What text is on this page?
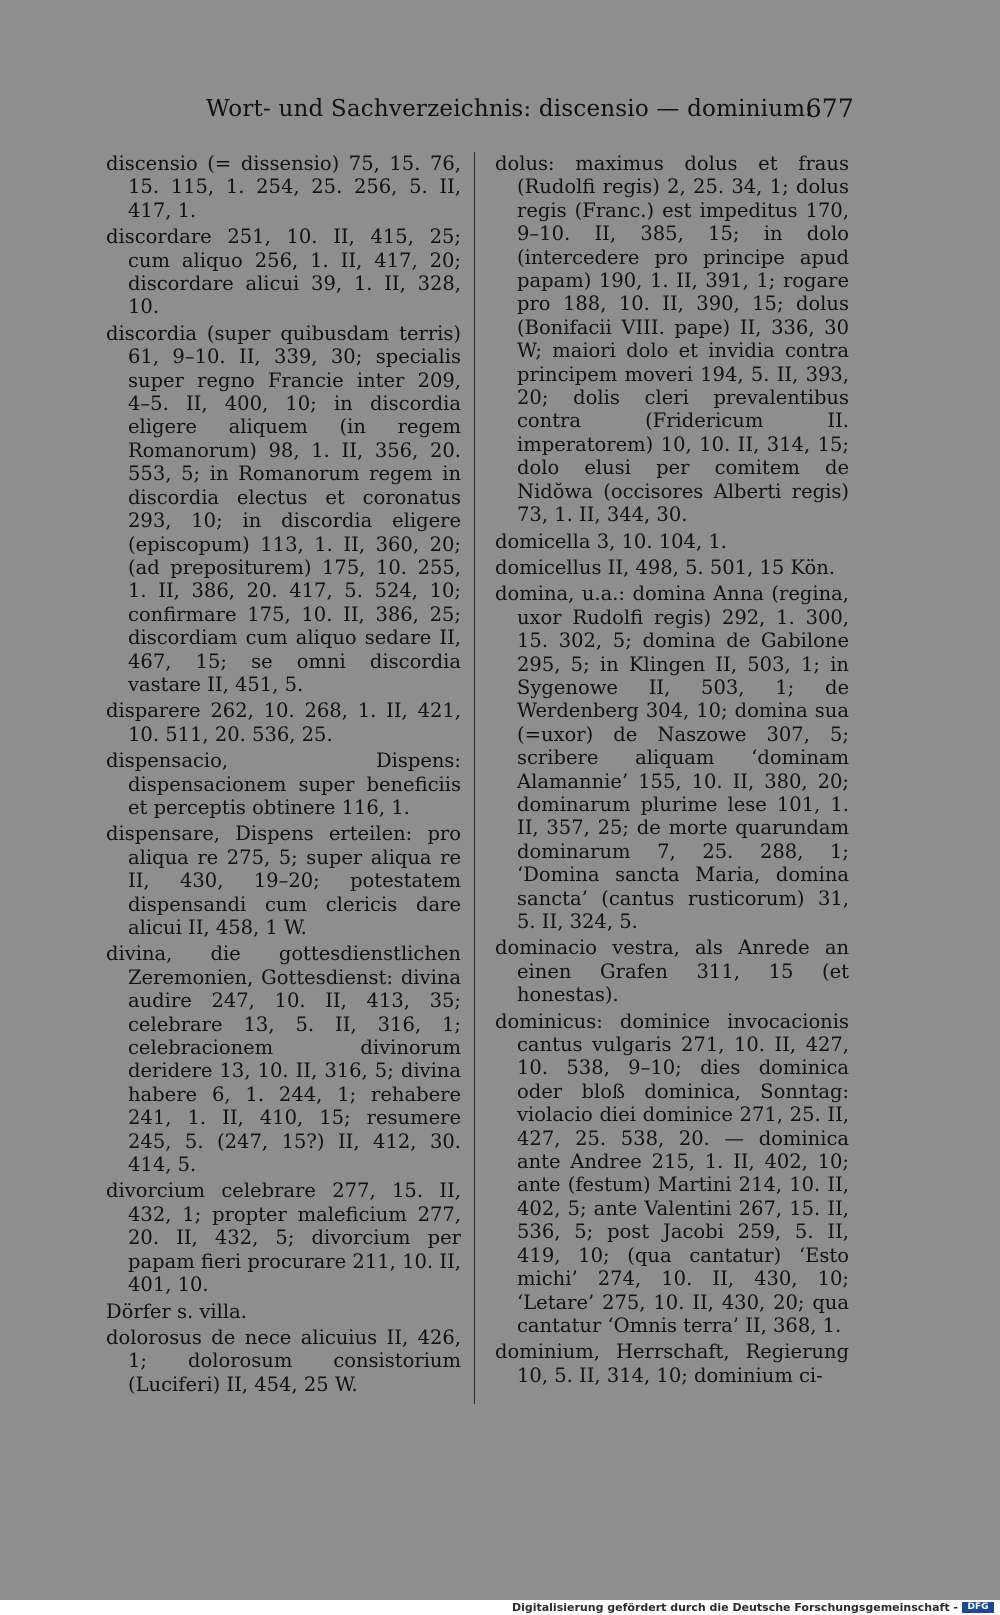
Wort- und Sachverzeichnis: discensio — dominium.
677

discensio (= dissensio) 75, 15. 76, 15. 115, 1. 254, 25. 256, 5. II, 417, 1.

discordare 251, 10. II, 415, 25; cum aliquo 256, 1. II, 417, 20; discordare alicui 39, 1. II, 328, 10.

discordia (super quibusdam terris) 61, 9–10. II, 339, 30; specialis super regno Francie inter 209, 4–5. II, 400, 10; in discordia eligere aliquem (in regem Romanorum) 98, 1. II, 356, 20. 553, 5; in Romanorum regem in discordia electus et coronatus 293, 10; in discordia eligere (episcopum) 113, 1. II, 360, 20; (ad prepositurem) 175, 10. 255, 1. II, 386, 20. 417, 5. 524, 10; confirmare 175, 10. II, 386, 25; discordiam cum aliquo sedare II, 467, 15; se omni discordia vastare II, 451, 5.

disparere 262, 10. 268, 1. II, 421, 10. 511, 20. 536, 25.

dispensacio, Dispens: dispensacionem super beneficiis et perceptis obtinere 116, 1.

dispensare, Dispens erteilen: pro aliqua re 275, 5; super aliqua re II, 430, 19–20; potestatem dispensandi cum clericis dare alicui II, 458, 1 W.

divina, die gottesdienstlichen Zeremonien, Gottesdienst: divina audire 247, 10. II, 413, 35; celebrare 13, 5. II, 316, 1; celebracionem divinorum deridere 13, 10. II, 316, 5; divina habere 6, 1. 244, 1; rehabere 241, 1. II, 410, 15; resumere 245, 5. (247, 15?) II, 412, 30. 414, 5.

divorcium celebrare 277, 15. II, 432, 1; propter maleficium 277, 20. II, 432, 5; divorcium per papam fieri procurare 211, 10. II, 401, 10.

Dörfer s. villa.

dolorosus de nece alicuius II, 426, 1; dolorosum consistorium (Luciferi) II, 454, 25 W.

dolus: maximus dolus et fraus (Rudolfi regis) 2, 25. 34, 1; dolus regis (Franc.) est impeditus 170, 9–10. II, 385, 15; in dolo (intercedere pro principe apud papam) 190, 1. II, 391, 1; rogare pro 188, 10. II, 390, 15; dolus (Bonifacii VIII. pape) II, 336, 30 W; maiori dolo et invidia contra principem moveri 194, 5. II, 393, 20; dolis cleri prevalentibus contra (Fridericum II. imperatorem) 10, 10. II, 314, 15; dolo elusi per comitem de Nidŏwa (occisores Alberti regis) 73, 1. II, 344, 30.

domicella 3, 10. 104, 1.

domicellus II, 498, 5. 501, 15 Kön.

domina, u.a.: domina Anna (regina, uxor Rudolfi regis) 292, 1. 300, 15. 302, 5; domina de Gabilone 295, 5; in Klingen II, 503, 1; in Sygenowe II, 503, 1; de Werdenberg 304, 10; domina sua (=uxor) de Naszowe 307, 5; scribere aliquam ‘dominam Alamannie’ 155, 10. II, 380, 20; dominarum plurime lese 101, 1. II, 357, 25; de morte quarundam dominarum 7, 25. 288, 1; ‘Domina sancta Maria, domina sancta’ (cantus rusticorum) 31, 5. II, 324, 5.

dominacio vestra, als Anrede an einen Grafen 311, 15 (et honestas).

dominicus: dominice invocacionis cantus vulgaris 271, 10. II, 427, 10. 538, 9–10; dies dominica oder bloß dominica, Sonntag: violacio diei dominice 271, 25. II, 427, 25. 538, 20. — dominica ante Andree 215, 1. II, 402, 10; ante (festum) Martini 214, 10. II, 402, 5; ante Valentini 267, 15. II, 536, 5; post Jacobi 259, 5. II, 419, 10; (qua cantatur) ‘Esto michi’ 274, 10. II, 430, 10; ‘Letare’ 275, 10. II, 430, 20; qua cantatur ‘Omnis terra’ II, 368, 1.

dominium, Herrschaft, Regierung 10, 5. II, 314, 10; dominium ci-

Digitalisierung gefördert durch die Deutsche Forschungsgemeinschaft -	DFG
